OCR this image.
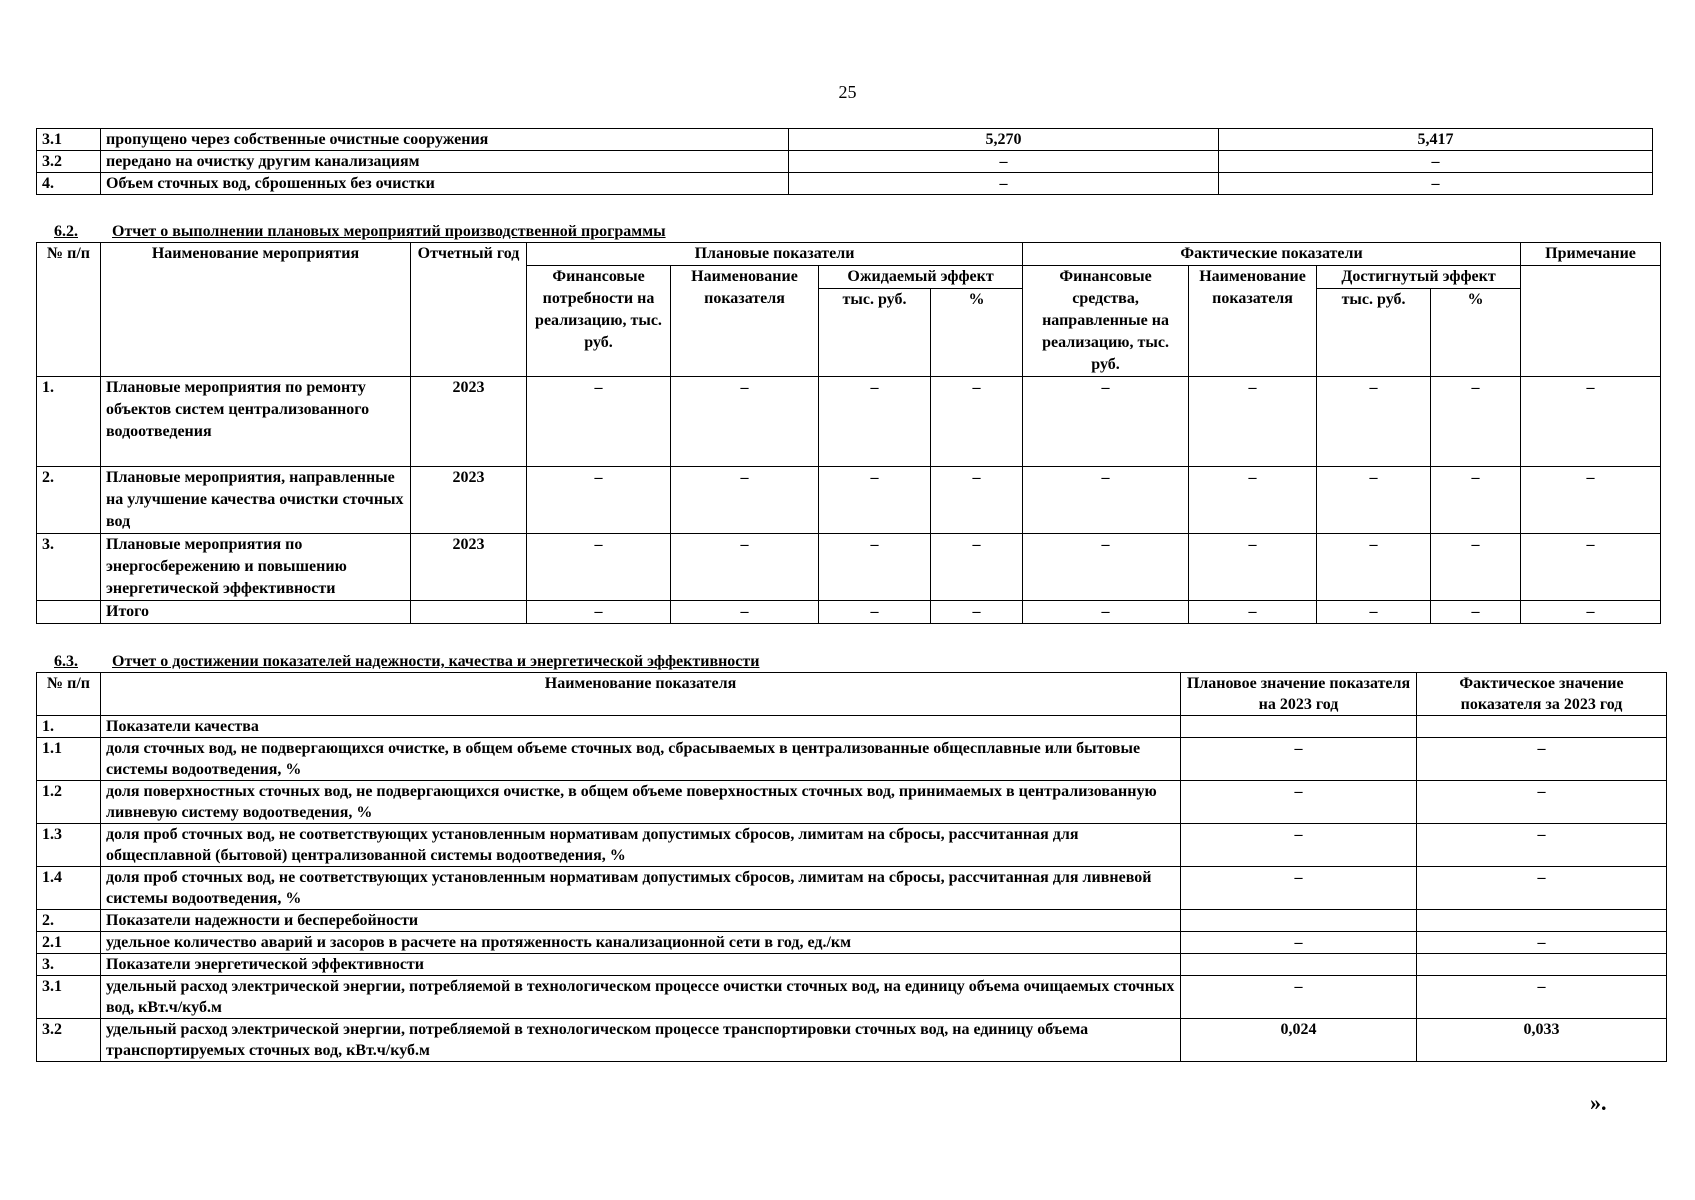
25
3.1	пропущено через собственные очистные сооружения	5,270	5,417
3.2	передано на очистку другим канализациям	–	–
4.	Объем сточных вод, сброшенных без очистки	–	–
6.2. Отчет о выполнении плановых мероприятий производственной программы
№ п/п	Наименование мероприятия	Отчетный год	Плановые показатели				Фактические показатели				Примечание
			Финансовые потребности на реализацию, тыс. руб.	Наименование показателя	Ожидаемый эффект		Финансовые средства, направленные на реализацию, тыс. руб.	Наименование показателя	Достигнутый эффект		
					тыс. руб.	%			тыс. руб.	%	
1.	Плановые мероприятия по ремонту объектов систем централизованного водоотведения	2023	–	–	–	–	–	–	–	–	–
2.	Плановые мероприятия, направленные на улучшение качества очистки сточных вод	2023	–	–	–	–	–	–	–	–	–
3.	Плановые мероприятия по энергосбережению и повышению энергетической эффективности	2023	–	–	–	–	–	–	–	–	–
	Итого		–	–	–	–	–	–	–	–	–
6.3. Отчет о достижении показателей надежности, качества и энергетической эффективности
№ п/п	Наименование показателя	Плановое значение показателя на 2023 год	Фактическое значение показателя за 2023 год
1.	Показатели качества		
1.1	доля сточных вод, не подвергающихся очистке, в общем объеме сточных вод, сбрасываемых в централизованные общесплавные или бытовые системы водоотведения, %	–	–
1.2	доля поверхностных сточных вод, не подвергающихся очистке, в общем объеме поверхностных сточных вод, принимаемых в централизованную ливневую систему водоотведения, %	–	–
1.3	доля проб сточных вод, не соответствующих установленным нормативам допустимых сбросов, лимитам на сбросы, рассчитанная для общесплавной (бытовой) централизованной системы водоотведения, %	–	–
1.4	доля проб сточных вод, не соответствующих установленным нормативам допустимых сбросов, лимитам на сбросы, рассчитанная для ливневой системы водоотведения, %	–	–
2.	Показатели надежности и бесперебойности		
2.1	удельное количество аварий и засоров в расчете на протяженность канализационной сети в год, ед./км	–	–
3.	Показатели энергетической эффективности		
3.1	удельный расход электрической энергии, потребляемой в технологическом процессе очистки сточных вод, на единицу объема очищаемых сточных вод, кВт.ч/куб.м	–	–
3.2	удельный расход электрической энергии, потребляемой в технологическом процессе транспортировки сточных вод, на единицу объема транспортируемых сточных вод, кВт.ч/куб.м	0,024	0,033
».
